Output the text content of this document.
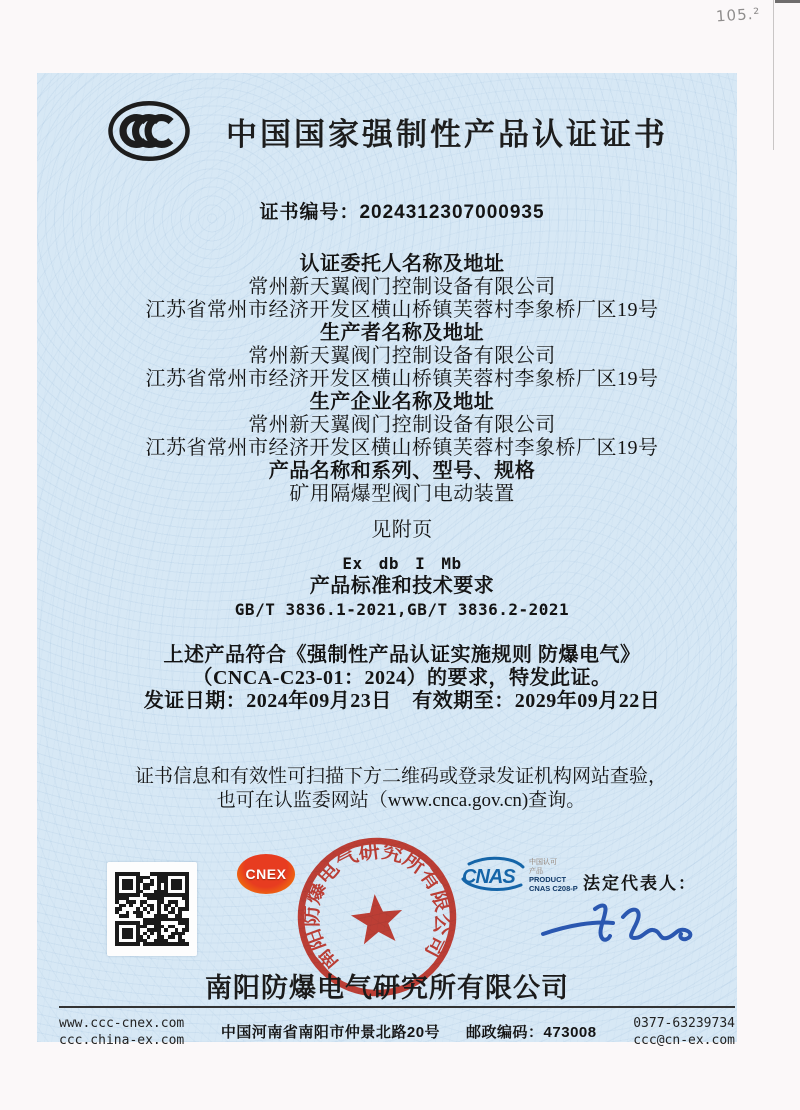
105.²
中国国家强制性产品认证证书
证书编号：2024312307000935
认证委托人名称及地址
常州新天翼阀门控制设备有限公司
江苏省常州市经济开发区横山桥镇芙蓉村李象桥厂区19号
生产者名称及地址
常州新天翼阀门控制设备有限公司
江苏省常州市经济开发区横山桥镇芙蓉村李象桥厂区19号
生产企业名称及地址
常州新天翼阀门控制设备有限公司
江苏省常州市经济开发区横山桥镇芙蓉村李象桥厂区19号
产品名称和系列、型号、规格
矿用隔爆型阀门电动装置
见附页
Ex db I Mb
产品标准和技术要求
GB/T 3836.1-2021,GB/T 3836.2-2021
上述产品符合《强制性产品认证实施规则 防爆电气》
（CNCA-C23-01：2024）的要求，特发此证。
发证日期：2024年09月23日　有效期至：2029年09月22日
证书信息和有效性可扫描下方二维码或登录发证机构网站查验，
也可在认监委网站（www.cnca.gov.cn)查询。
CNEX
南阳防爆电气研究所有限公司
CNAS
中国认可
产品
PRODUCT
CNAS C208-P 法定代表人：
南阳防爆电气研究所有限公司
www.ccc-cnex.com
ccc.china-ex.com 中国河南省南阳市仲景北路20号 邮政编码：473008
0377-63239734
ccc@cn-ex.com
